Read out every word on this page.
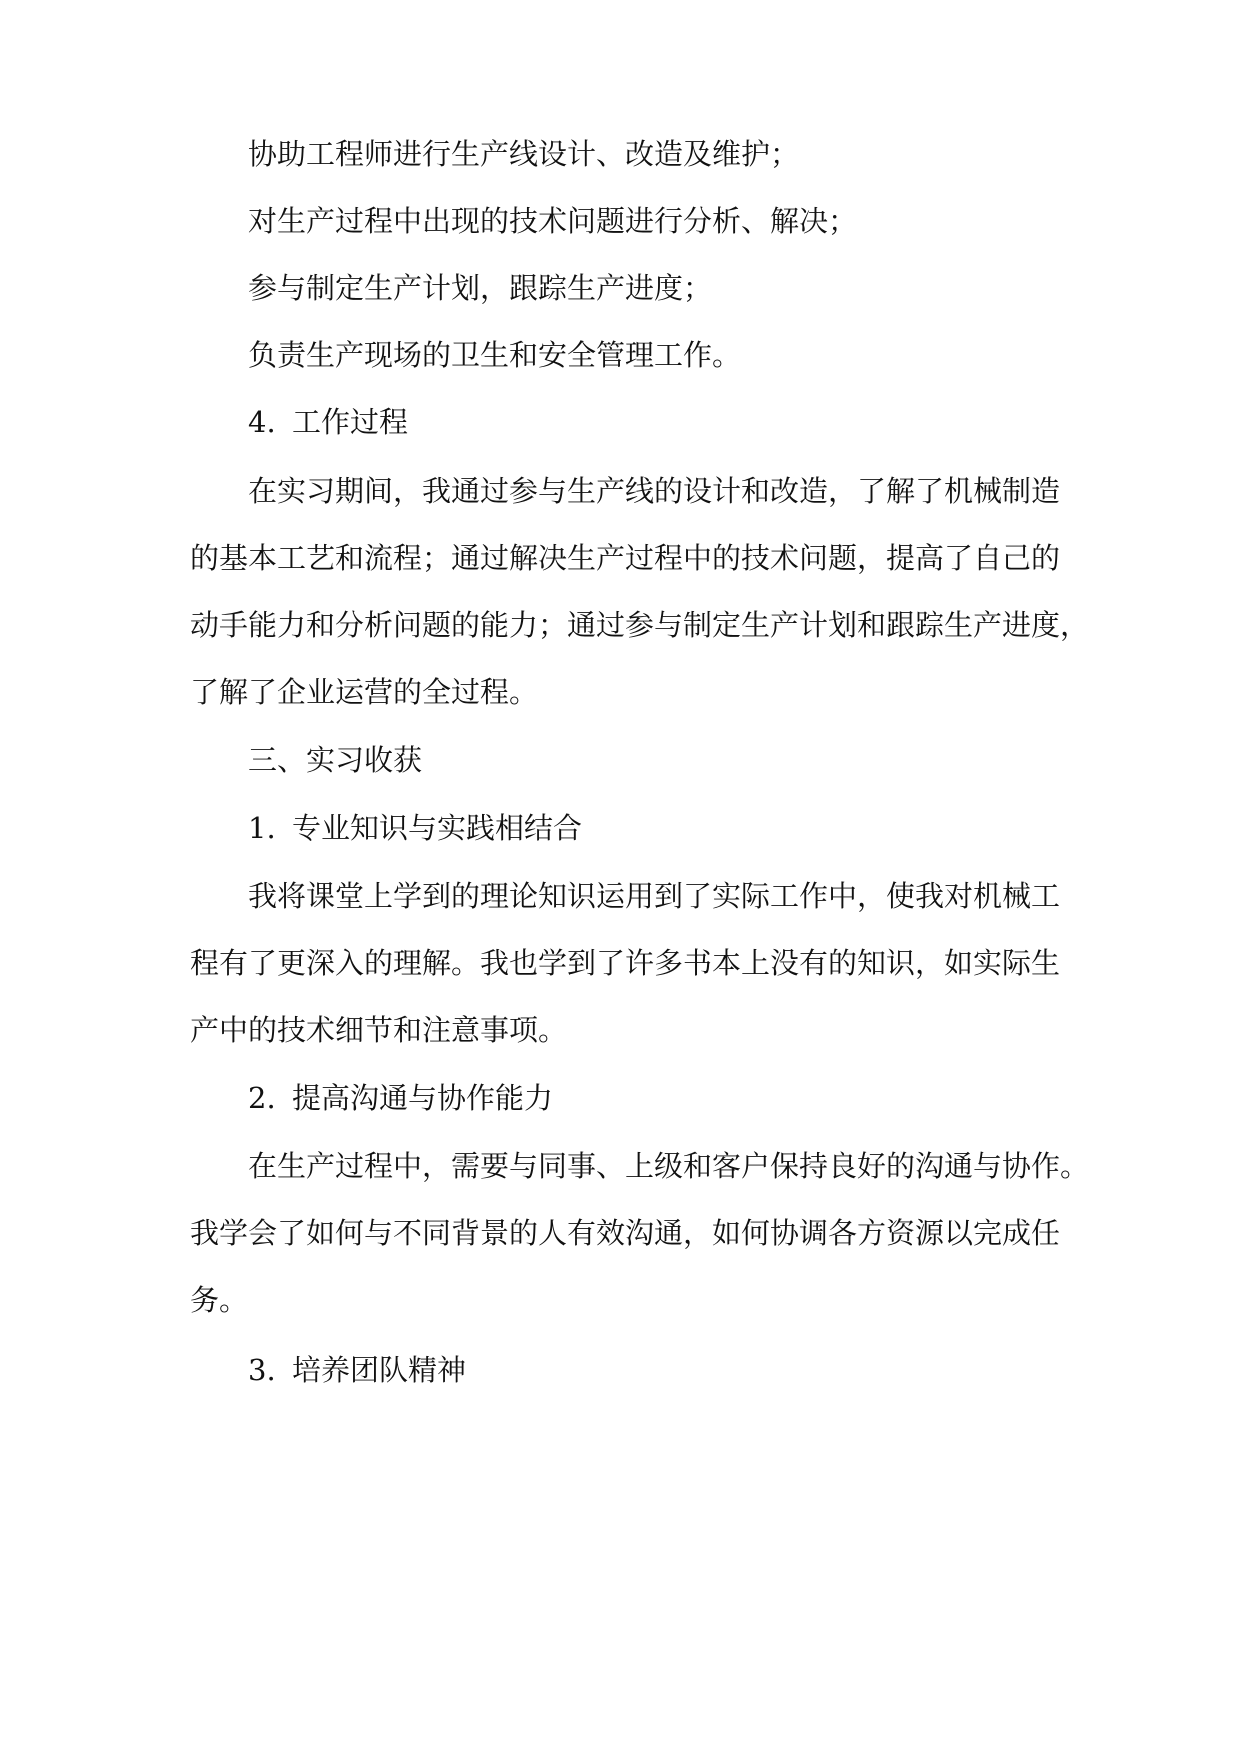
协助工程师进行生产线设计、改造及维护；
对生产过程中出现的技术问题进行分析、解决；
参与制定生产计划，跟踪生产进度；
负责生产现场的卫生和安全管理工作。
4. 工作过程
在实习期间，我通过参与生产线的设计和改造，了解了机械制造
的基本工艺和流程；通过解决生产过程中的技术问题，提高了自己的
动手能力和分析问题的能力；通过参与制定生产计划和跟踪生产进度，
了解了企业运营的全过程。
三、实习收获
1. 专业知识与实践相结合
我将课堂上学到的理论知识运用到了实际工作中，使我对机械工
程有了更深入的理解。我也学到了许多书本上没有的知识，如实际生
产中的技术细节和注意事项。
2. 提高沟通与协作能力
在生产过程中，需要与同事、上级和客户保持良好的沟通与协作。
我学会了如何与不同背景的人有效沟通，如何协调各方资源以完成任
务。
3. 培养团队精神
